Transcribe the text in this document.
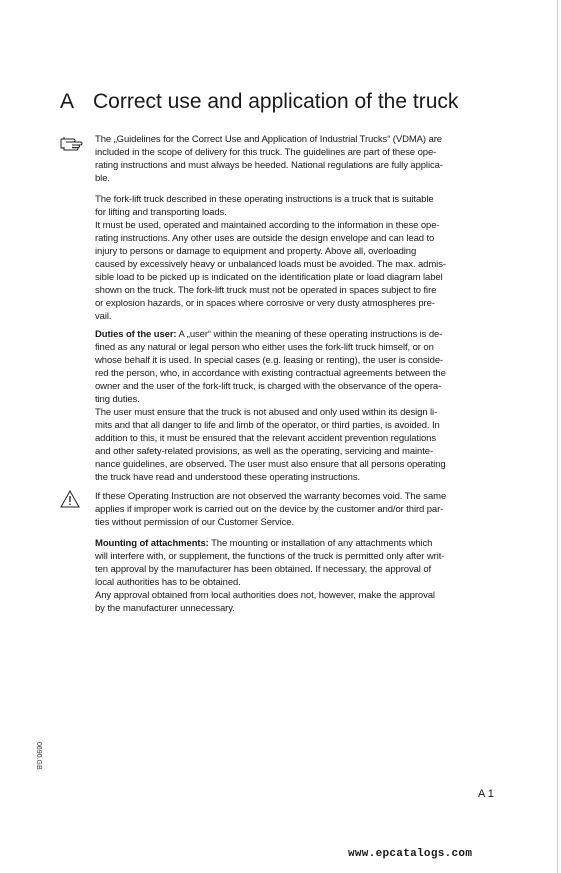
A Correct use and application of the truck
The „Guidelines for the Correct Use and Application of Industrial Trucks“ (VDMA) are
included in the scope of delivery for this truck. The guidelines are part of these ope-
rating instructions and must always be heeded. National regulations are fully applica-
ble.
The fork-lift truck described in these operating instructions is a truck that is suitable
for lifting and transporting loads.
It must be used, operated and maintained according to the information in these ope-
rating instructions. Any other uses are outside the design envelope and can lead to
injury to persons or damage to equipment and property. Above all, overloading
caused by excessively heavy or unbalanced loads must be avoided. The max. admis-
sible load to be picked up is indicated on the identification plate or load diagram label
shown on the truck. The fork-lift truck must not be operated in spaces subject to fire
or explosion hazards, or in spaces where corrosive or very dusty atmospheres pre-
vail.
Duties of the user: A „user“ within the meaning of these operating instructions is de-
fined as any natural or legal person who either uses the fork-lift truck himself, or on
whose behalf it is used. In special cases (e.g. leasing or renting), the user is conside-
red the person, who, in accordance with existing contractual agreements between the
owner and the user of the fork-lift truck, is charged with the observance of the opera-
ting duties.
The user must ensure that the truck is not abused and only used within its design li-
mits and that all danger to life and limb of the operator, or third parties, is avoided. In
addition to this, it must be ensured that the relevant accident prevention regulations
and other safety-related provisions, as well as the operating, servicing and mainte-
nance guidelines, are observed. The user must also ensure that all persons operating
the truck have read and understood these operating instructions.
If these Operating Instruction are not observed the warranty becomes void. The same
applies if improper work is carried out on the device by the customer and/or third par-
ties without permission of our Customer Service.
Mounting of attachments: The mounting or installation of any attachments which
will interfere with, or supplement, the functions of the truck is permitted only after writ-
ten approval by the manufacturer has been obtained. If necessary, the approval of
local authorities has to be obtained.
Any approval obtained from local authorities does not, however, make the approval
by the manufacturer unnecessary.
0690.GB
A 1
www.epcatalogs.com
